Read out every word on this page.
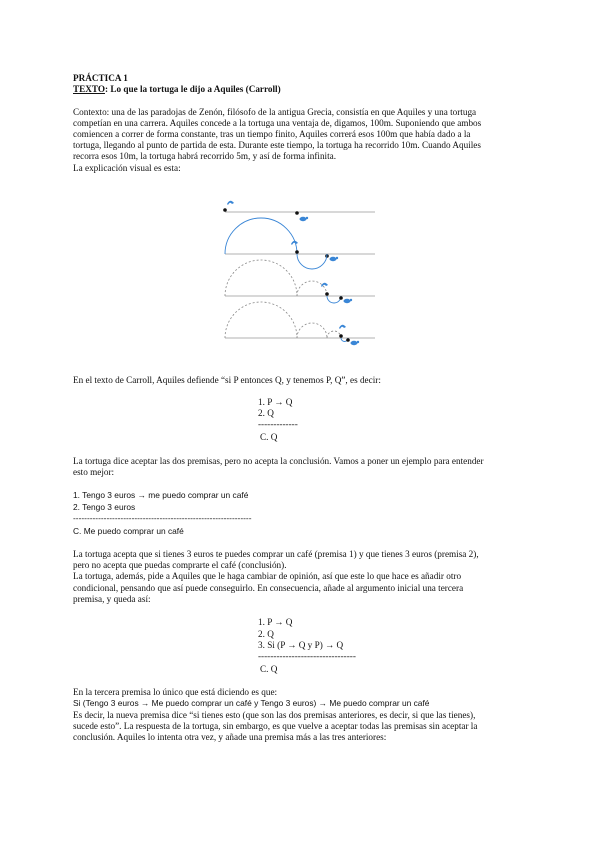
PRÁCTICA 1
TEXTO: Lo que la tortuga le dijo a Aquiles (Carroll)
Contexto: una de las paradojas de Zenón, filósofo de la antigua Grecia, consistía en que Aquiles y una tortuga
competían en una carrera. Aquiles concede a la tortuga una ventaja de, digamos, 100m. Suponiendo que ambos
comiencen a correr de forma constante, tras un tiempo finito, Aquiles correrá esos 100m que había dado a la
tortuga, llegando al punto de partida de esta. Durante este tiempo, la tortuga ha recorrido 10m. Cuando Aquiles
recorra esos 10m, la tortuga habrá recorrido 5m, y así de forma infinita.
La explicación visual es esta:
En el texto de Carroll, Aquiles defiende “si P entonces Q, y tenemos P, Q”, es decir:
1. P → Q
2. Q
-------------
C. Q
La tortuga dice aceptar las dos premisas, pero no acepta la conclusión. Vamos a poner un ejemplo para entender
esto mejor:
1. Tengo 3 euros → me puedo comprar un café
2. Tengo 3 euros
----------------------------------------------------------------
C. Me puedo comprar un café
La tortuga acepta que si tienes 3 euros te puedes comprar un café (premisa 1) y que tienes 3 euros (premisa 2),
pero no acepta que puedas comprarte el café (conclusión).
La tortuga, además, pide a Aquiles que le haga cambiar de opinión, así que este lo que hace es añadir otro
condicional, pensando que así puede conseguirlo. En consecuencia, añade al argumento inicial una tercera
premisa, y queda así:
1. P → Q
2. Q
3. Si (P → Q y P) → Q
--------------------------------
C. Q
En la tercera premisa lo único que está diciendo es que:
Si (Tengo 3 euros → Me puedo comprar un café y Tengo 3 euros) → Me puedo comprar un café
Es decir, la nueva premisa dice “si tienes esto (que son las dos premisas anteriores, es decir, si que las tienes),
sucede esto”. La respuesta de la tortuga, sin embargo, es que vuelve a aceptar todas las premisas sin aceptar la
conclusión. Aquiles lo intenta otra vez, y añade una premisa más a las tres anteriores:
